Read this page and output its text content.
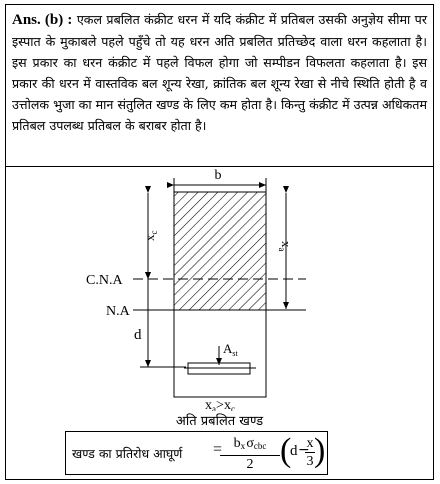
Ans. (b) : एकल प्रबलित कंक्रीट धरन में यदि कंक्रीट में प्रतिबल उसकी अनुज्ञेय सीमा पर इस्पात के मुकाबले पहले पहुँचे तो यह धरन अति प्रबलित प्रतिच्छेद वाला धरन कहलाता है। इस प्रकार का धरन कंक्रीट में पहले विफल होगा जो सम्पीडन विफलता कहलाता है। इस प्रकार की धरन में वास्तविक बल शून्य रेखा, क्रांतिक बल शून्य रेखा से नीचे स्थिति होती है व उत्तोलक भुजा का मान संतुलित खण्ड के लिए कम होता है। किन्तु कंक्रीट में उत्पन्न अधिकतम प्रतिबल उपलब्ध प्रतिबल के बराबर होता है।

b
$x_c$
$x_a$
C.N.A
N.A
d
$A_{st}$
$x_a>x_c$
अति प्रबलित खण्ड
खण्ड का प्रतिरोध आघूर्ण = $b_x$ $\sigma_{cbc}$
2 (
d −
$\frac{x}{3}$ )
